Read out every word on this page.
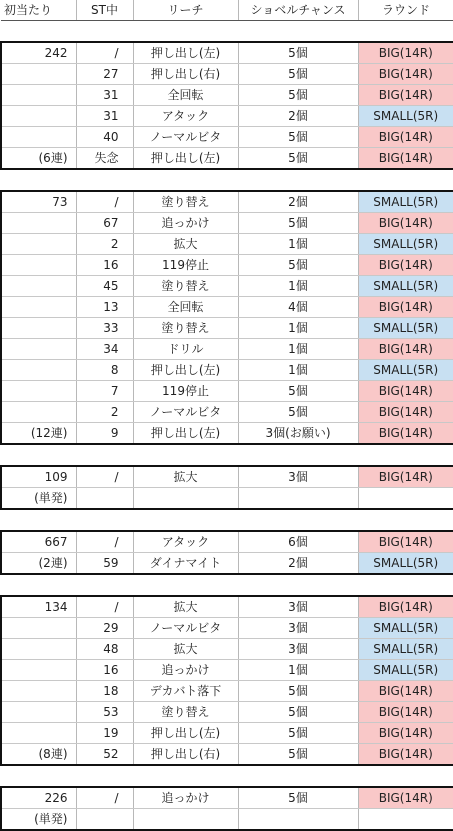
初当たり	ST中	リーチ	ショベルチャンス	ラウンド

242	/	押し出し(左)	5個	BIG(14R)
	27	押し出し(右)	5個	BIG(14R)
	31	全回転	5個	BIG(14R)
	31	アタック	2個	SMALL(5R)
	40	ノーマルビタ	5個	BIG(14R)
(6連)	失念	押し出し(左)	5個	BIG(14R)

73	/	塗り替え	2個	SMALL(5R)
	67	追っかけ	5個	BIG(14R)
	2	拡大	1個	SMALL(5R)
	16	119停止	5個	BIG(14R)
	45	塗り替え	1個	SMALL(5R)
	13	全回転	4個	BIG(14R)
	33	塗り替え	1個	SMALL(5R)
	34	ドリル	1個	BIG(14R)
	8	押し出し(左)	1個	SMALL(5R)
	7	119停止	5個	BIG(14R)
	2	ノーマルビタ	5個	BIG(14R)
(12連)	9	押し出し(左)	3個(お願い)	BIG(14R)

109	/	拡大	3個	BIG(14R)
(単発)				

667	/	アタック	6個	BIG(14R)
(2連)	59	ダイナマイト	2個	SMALL(5R)

134	/	拡大	3個	BIG(14R)
	29	ノーマルビタ	3個	SMALL(5R)
	48	拡大	3個	SMALL(5R)
	16	追っかけ	1個	SMALL(5R)
	18	デカバト落下	5個	BIG(14R)
	53	塗り替え	5個	BIG(14R)
	19	押し出し(左)	5個	BIG(14R)
(8連)	52	押し出し(右)	5個	BIG(14R)

226	/	追っかけ	5個	BIG(14R)
(単発)				
